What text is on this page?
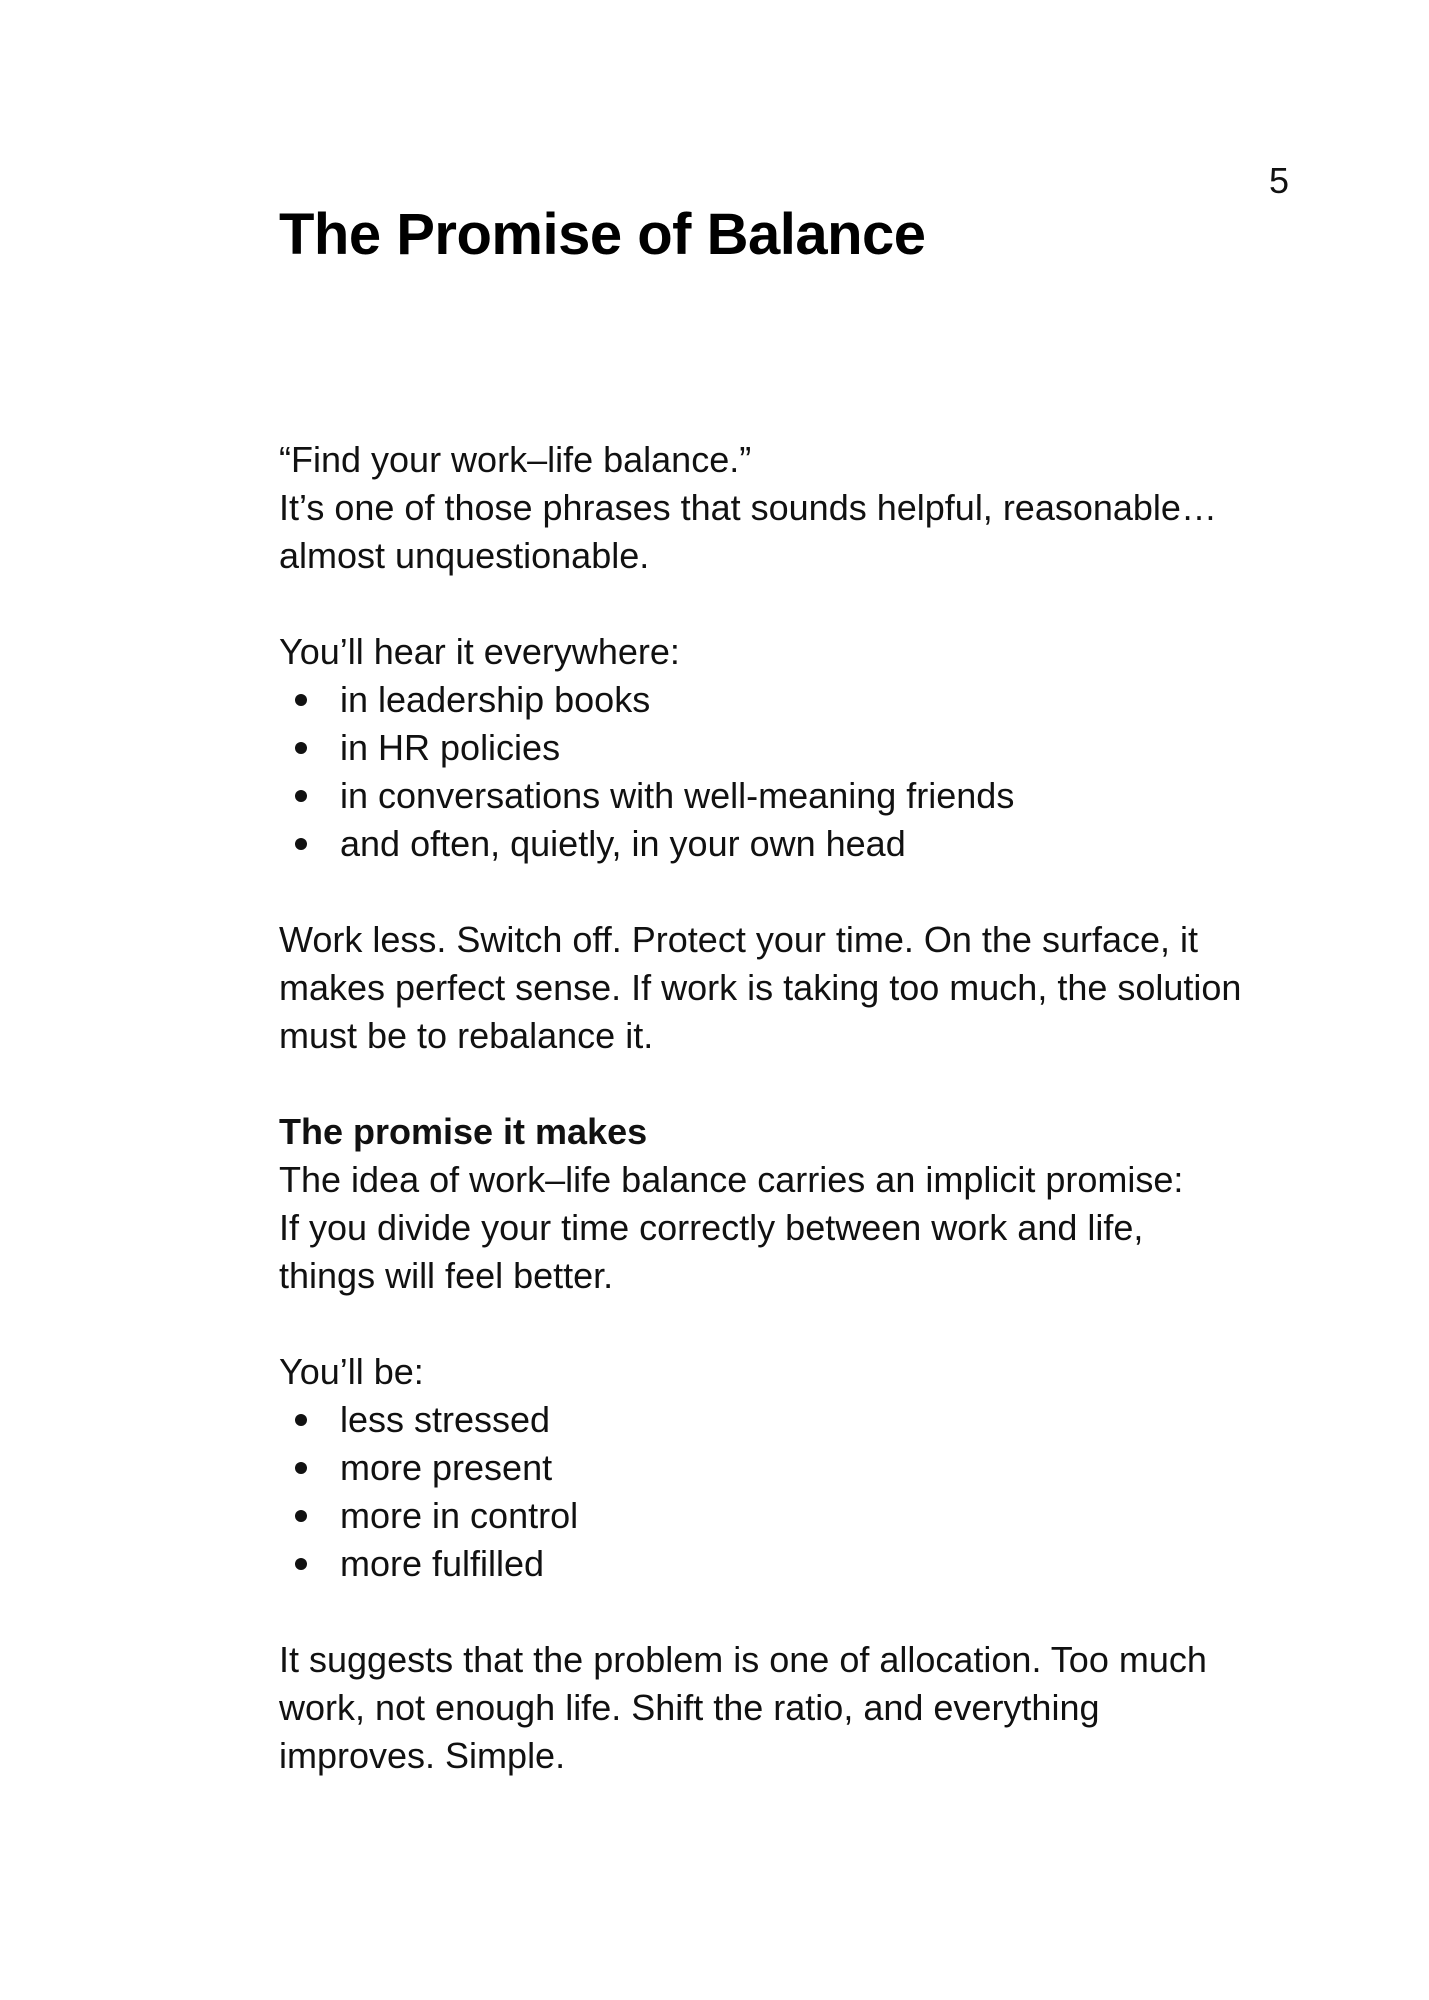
5
The Promise of Balance

“Find your work–life balance.”
It’s one of those phrases that sounds helpful, reasonable…
almost unquestionable.

You’ll hear it everywhere:

in leadership books
in HR policies
in conversations with well-meaning friends
and often, quietly, in your own head

Work less. Switch off. Protect your time. On the surface, it
makes perfect sense. If work is taking too much, the solution
must be to rebalance it.

The promise it makes
The idea of work–life balance carries an implicit promise:
If you divide your time correctly between work and life,
things will feel better.

You’ll be:

less stressed
more present
more in control
more fulfilled

It suggests that the problem is one of allocation. Too much
work, not enough life. Shift the ratio, and everything
improves. Simple.
